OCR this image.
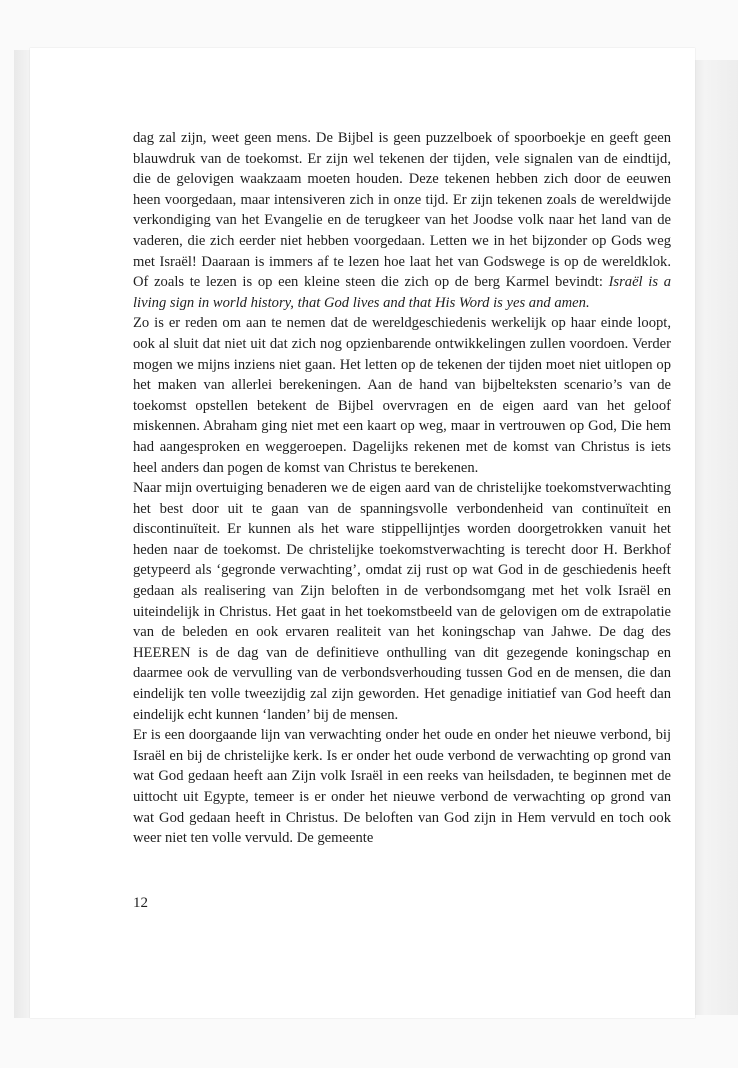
dag zal zijn, weet geen mens. De Bijbel is geen puzzelboek of spoorboekje en geeft geen blauwdruk van de toekomst. Er zijn wel tekenen der tijden, vele signalen van de eindtijd, die de gelovigen waakzaam moeten houden. Deze tekenen hebben zich door de eeuwen heen voorgedaan, maar intensiveren zich in onze tijd. Er zijn tekenen zoals de wereldwijde verkondiging van het Evangelie en de terugkeer van het Joodse volk naar het land van de vaderen, die zich eerder niet hebben voorgedaan. Letten we in het bijzonder op Gods weg met Israël! Daaraan is immers af te lezen hoe laat het van Godswege is op de wereldklok. Of zoals te lezen is op een kleine steen die zich op de berg Karmel bevindt: Israël is a living sign in world history, that God lives and that His Word is yes and amen.

Zo is er reden om aan te nemen dat de wereldgeschiedenis werkelijk op haar einde loopt, ook al sluit dat niet uit dat zich nog opzienbarende ontwikkelingen zullen voordoen. Verder mogen we mijns inziens niet gaan. Het letten op de tekenen der tijden moet niet uitlopen op het maken van allerlei berekeningen. Aan de hand van bijbelteksten scenario’s van de toekomst opstellen betekent de Bijbel overvragen en de eigen aard van het geloof miskennen. Abraham ging niet met een kaart op weg, maar in vertrouwen op God, Die hem had aangesproken en weggeroepen. Dagelijks rekenen met de komst van Christus is iets heel anders dan pogen de komst van Christus te berekenen.

Naar mijn overtuiging benaderen we de eigen aard van de christelijke toekomstverwachting het best door uit te gaan van de spanningsvolle verbondenheid van continuïteit en discontinuïteit. Er kunnen als het ware stippellijntjes worden doorgetrokken vanuit het heden naar de toekomst. De christelijke toekomstverwachting is terecht door H. Berkhof getypeerd als ‘gegronde verwachting’, omdat zij rust op wat God in de geschiedenis heeft gedaan als realisering van Zijn beloften in de verbondsomgang met het volk Israël en uiteindelijk in Christus. Het gaat in het toekomstbeeld van de gelovigen om de extrapolatie van de beleden en ook ervaren realiteit van het koningschap van Jahwe. De dag des HEEREN is de dag van de definitieve onthulling van dit gezegende koningschap en daarmee ook de vervulling van de verbondsverhouding tussen God en de mensen, die dan eindelijk ten volle tweezijdig zal zijn geworden. Het genadige initiatief van God heeft dan eindelijk echt kunnen ‘landen’ bij de mensen.

Er is een doorgaande lijn van verwachting onder het oude en onder het nieuwe verbond, bij Israël en bij de christelijke kerk. Is er onder het oude verbond de verwachting op grond van wat God gedaan heeft aan Zijn volk Israël in een reeks van heilsdaden, te beginnen met de uittocht uit Egypte, temeer is er onder het nieuwe verbond de verwachting op grond van wat God gedaan heeft in Christus. De beloften van God zijn in Hem vervuld en toch ook weer niet ten volle vervuld. De gemeente

12
